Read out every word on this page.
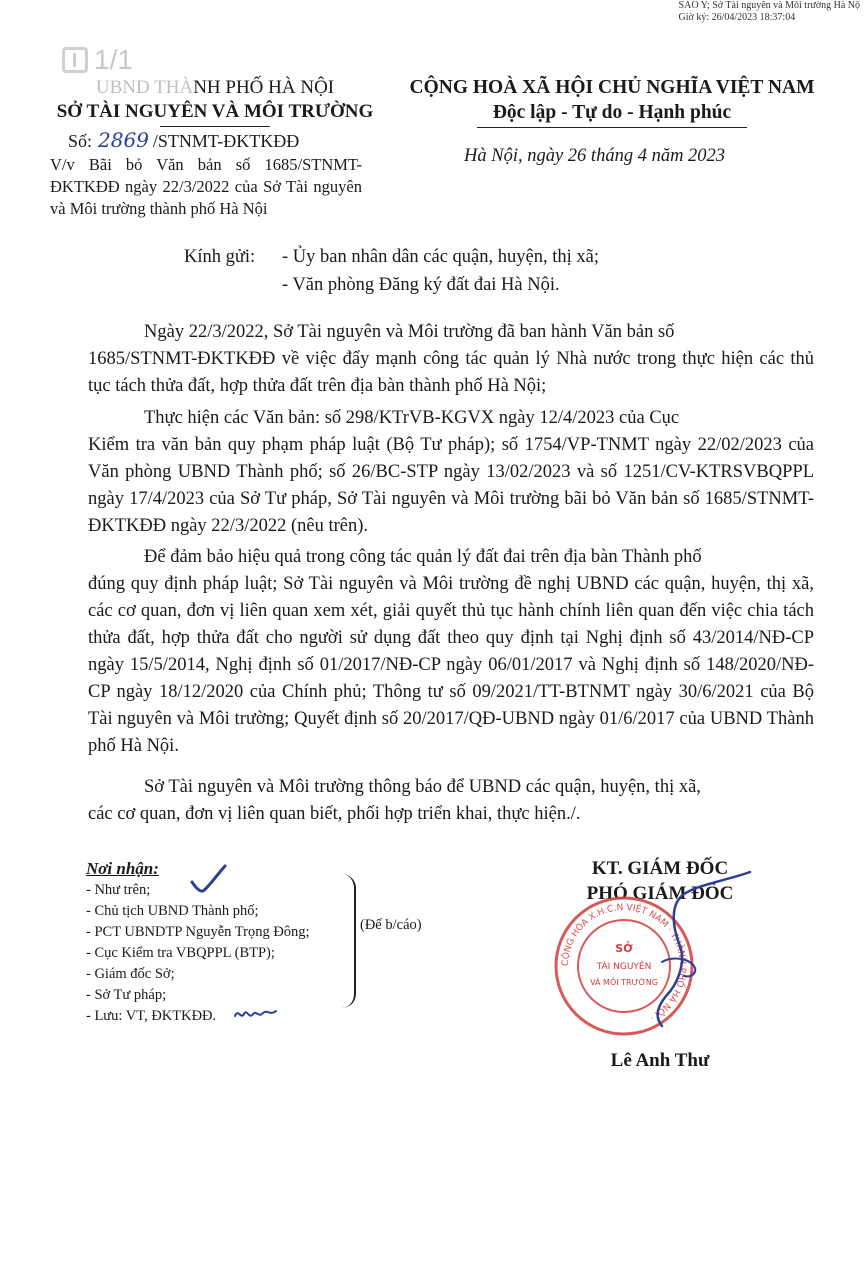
SAO Y; Sở Tài nguyên và Môi trường Hà Nộ
Giờ ký: 26/04/2023 18:37:04
1/1
UBND THÀNH PHỐ HÀ NỘI
SỞ TÀI NGUYÊN VÀ MÔI TRƯỜNG
CỘNG HOÀ XÃ HỘI CHỦ NGHĨA VIỆT NAM
Độc lập - Tự do - Hạnh phúc
Số: 2869 /STNMT-ĐKTKĐĐ
V/v Bãi bỏ Văn bản số 1685/STNMT-ĐKTKĐĐ ngày 22/3/2022 của Sở Tài nguyên và Môi trường thành phố Hà Nội
Hà Nội, ngày 26 tháng 4 năm 2023
Kính gửi: - Ủy ban nhân dân các quận, huyện, thị xã;
- Văn phòng Đăng ký đất đai Hà Nội.
Ngày 22/3/2022, Sở Tài nguyên và Môi trường đã ban hành Văn bản số
1685/STNMT-ĐKTKĐĐ về việc đẩy mạnh công tác quản lý Nhà nước trong thực hiện các thủ tục tách thửa đất, hợp thửa đất trên địa bàn thành phố Hà Nội;
Thực hiện các Văn bản: số 298/KTrVB-KGVX ngày 12/4/2023 của Cục
Kiểm tra văn bản quy phạm pháp luật (Bộ Tư pháp); số 1754/VP-TNMT ngày 22/02/2023 của Văn phòng UBND Thành phố; số 26/BC-STP ngày 13/02/2023 và số 1251/CV-KTRSVBQPPL ngày 17/4/2023 của Sở Tư pháp, Sở Tài nguyên và Môi trường bãi bỏ Văn bản số 1685/STNMT-ĐKTKĐĐ ngày 22/3/2022 (nêu trên).
Để đảm bảo hiệu quả trong công tác quản lý đất đai trên địa bàn Thành phố
đúng quy định pháp luật; Sở Tài nguyên và Môi trường đề nghị UBND các quận, huyện, thị xã, các cơ quan, đơn vị liên quan xem xét, giải quyết thủ tục hành chính liên quan đến việc chia tách thửa đất, hợp thửa đất cho người sử dụng đất theo quy định tại Nghị định số 43/2014/NĐ-CP ngày 15/5/2014, Nghị định số 01/2017/NĐ-CP ngày 06/01/2017 và Nghị định số 148/2020/NĐ-CP ngày 18/12/2020 của Chính phủ; Thông tư số 09/2021/TT-BTNMT ngày 30/6/2021 của Bộ Tài nguyên và Môi trường; Quyết định số 20/2017/QĐ-UBND ngày 01/6/2017 của UBND Thành phố Hà Nội.
Sở Tài nguyên và Môi trường thông báo để UBND các quận, huyện, thị xã,
các cơ quan, đơn vị liên quan biết, phối hợp triển khai, thực hiện./.
Nơi nhận:
- Như trên;
- Chủ tịch UBND Thành phố;
- PCT UBNDTP Nguyễn Trọng Đông;
- Cục Kiểm tra VBQPPL (BTP);
- Giám đốc Sở;
- Sở Tư pháp;
- Lưu: VT, ĐKTKĐĐ.
(Để b/cáo)
KT. GIÁM ĐỐC
PHÓ GIÁM ĐỐC
CỘNG HÒA X.H.C.N VIỆT NAM · THÀNH PHỐ HÀ NỘI ·
SỞ
TÀI NGUYÊN
VÀ MÔI TRƯỜNG
Lê Anh Thư
